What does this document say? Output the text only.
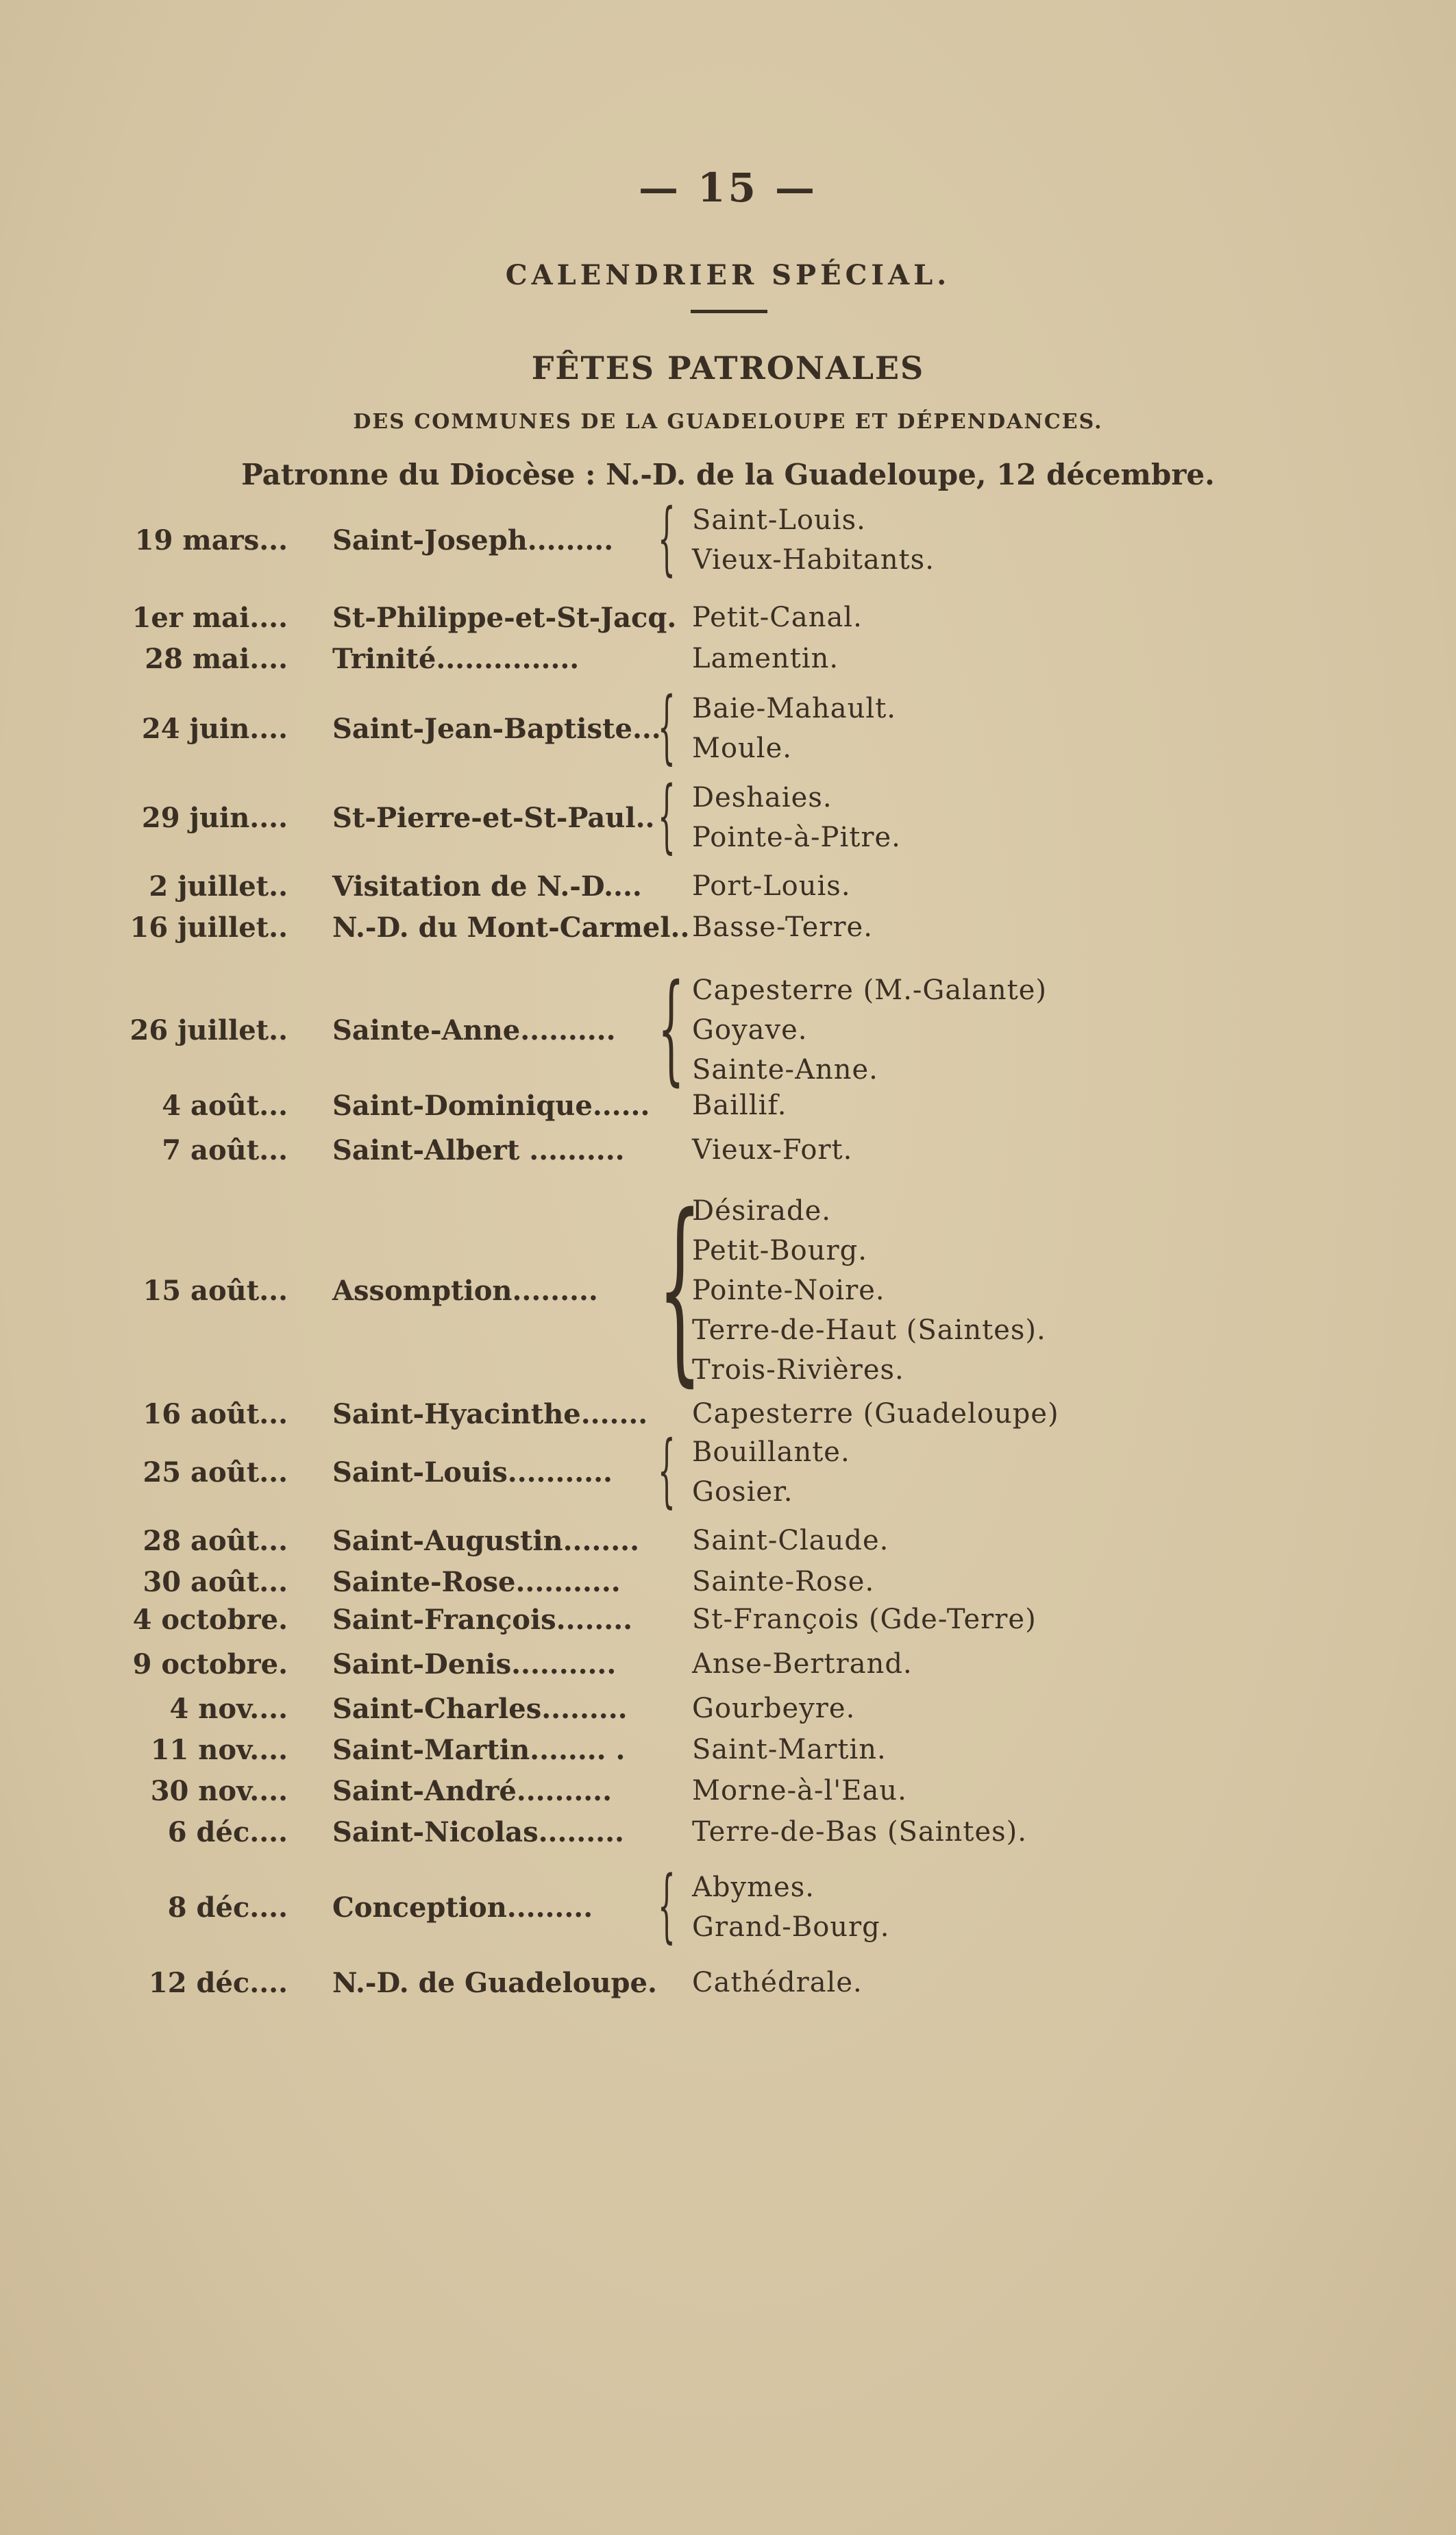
— 15 —
CALENDRIER SPÉCIAL.
FÊTES PATRONALES
DES COMMUNES DE LA GUADELOUPE ET DÉPENDANCES.
Patronne du Diocèse : N.-D. de la Guadeloupe, 12 décembre.
19 mars... Saint-Joseph......... { Saint-Louis.
Vieux-Habitants.
1er mai.... St-Philippe-et-St-Jacq. Petit-Canal.
28 mai.... Trinité...............	Lamentin.
24 juin.... Saint-Jean-Baptiste...
{ Baie-Mahault.
Moule.
29 juin.... St-Pierre-et-St-Paul.. { Deshaies.
Pointe-à-Pitre.
2 juillet.. Visitation de N.-D.... Port-Louis.
16 juillet.. N.-D. du Mont-Carmel.. Basse-Terre.
26 juillet.. Sainte-Anne.......... { Capesterre (M.-Galante)
Goyave.
Sainte-Anne.
4 août... Saint-Dominique...... Baillif.
7 août... Saint-Albert .......... Vieux-Fort.
15 août... Assomption......... {
Désirade.
Petit-Bourg.
Pointe-Noire.
Terre-de-Haut (Saintes).
Trois-Rivières.
16 août... Saint-Hyacinthe....... Capesterre (Guadeloupe)
25 août... Saint-Louis........... { Bouillante.
Gosier.
28 août... Saint-Augustin........ Saint-Claude.
30 août... Sainte-Rose...........	Sainte-Rose.
4 octobre. Saint-François........ St-François (Gde-Terre)
9 octobre. Saint-Denis...........	Anse-Bertrand.
4 nov.... Saint-Charles......... Gourbeyre.
11 nov.... Saint-Martin........ . Saint-Martin.
30 nov.... Saint-André..........	Morne-à-l'Eau.
6 déc.... Saint-Nicolas......... Terre-de-Bas (Saintes).
8 déc.... Conception......... { Abymes.
Grand-Bourg.
12 déc.... N.-D. de Guadeloupe. Cathédrale.
